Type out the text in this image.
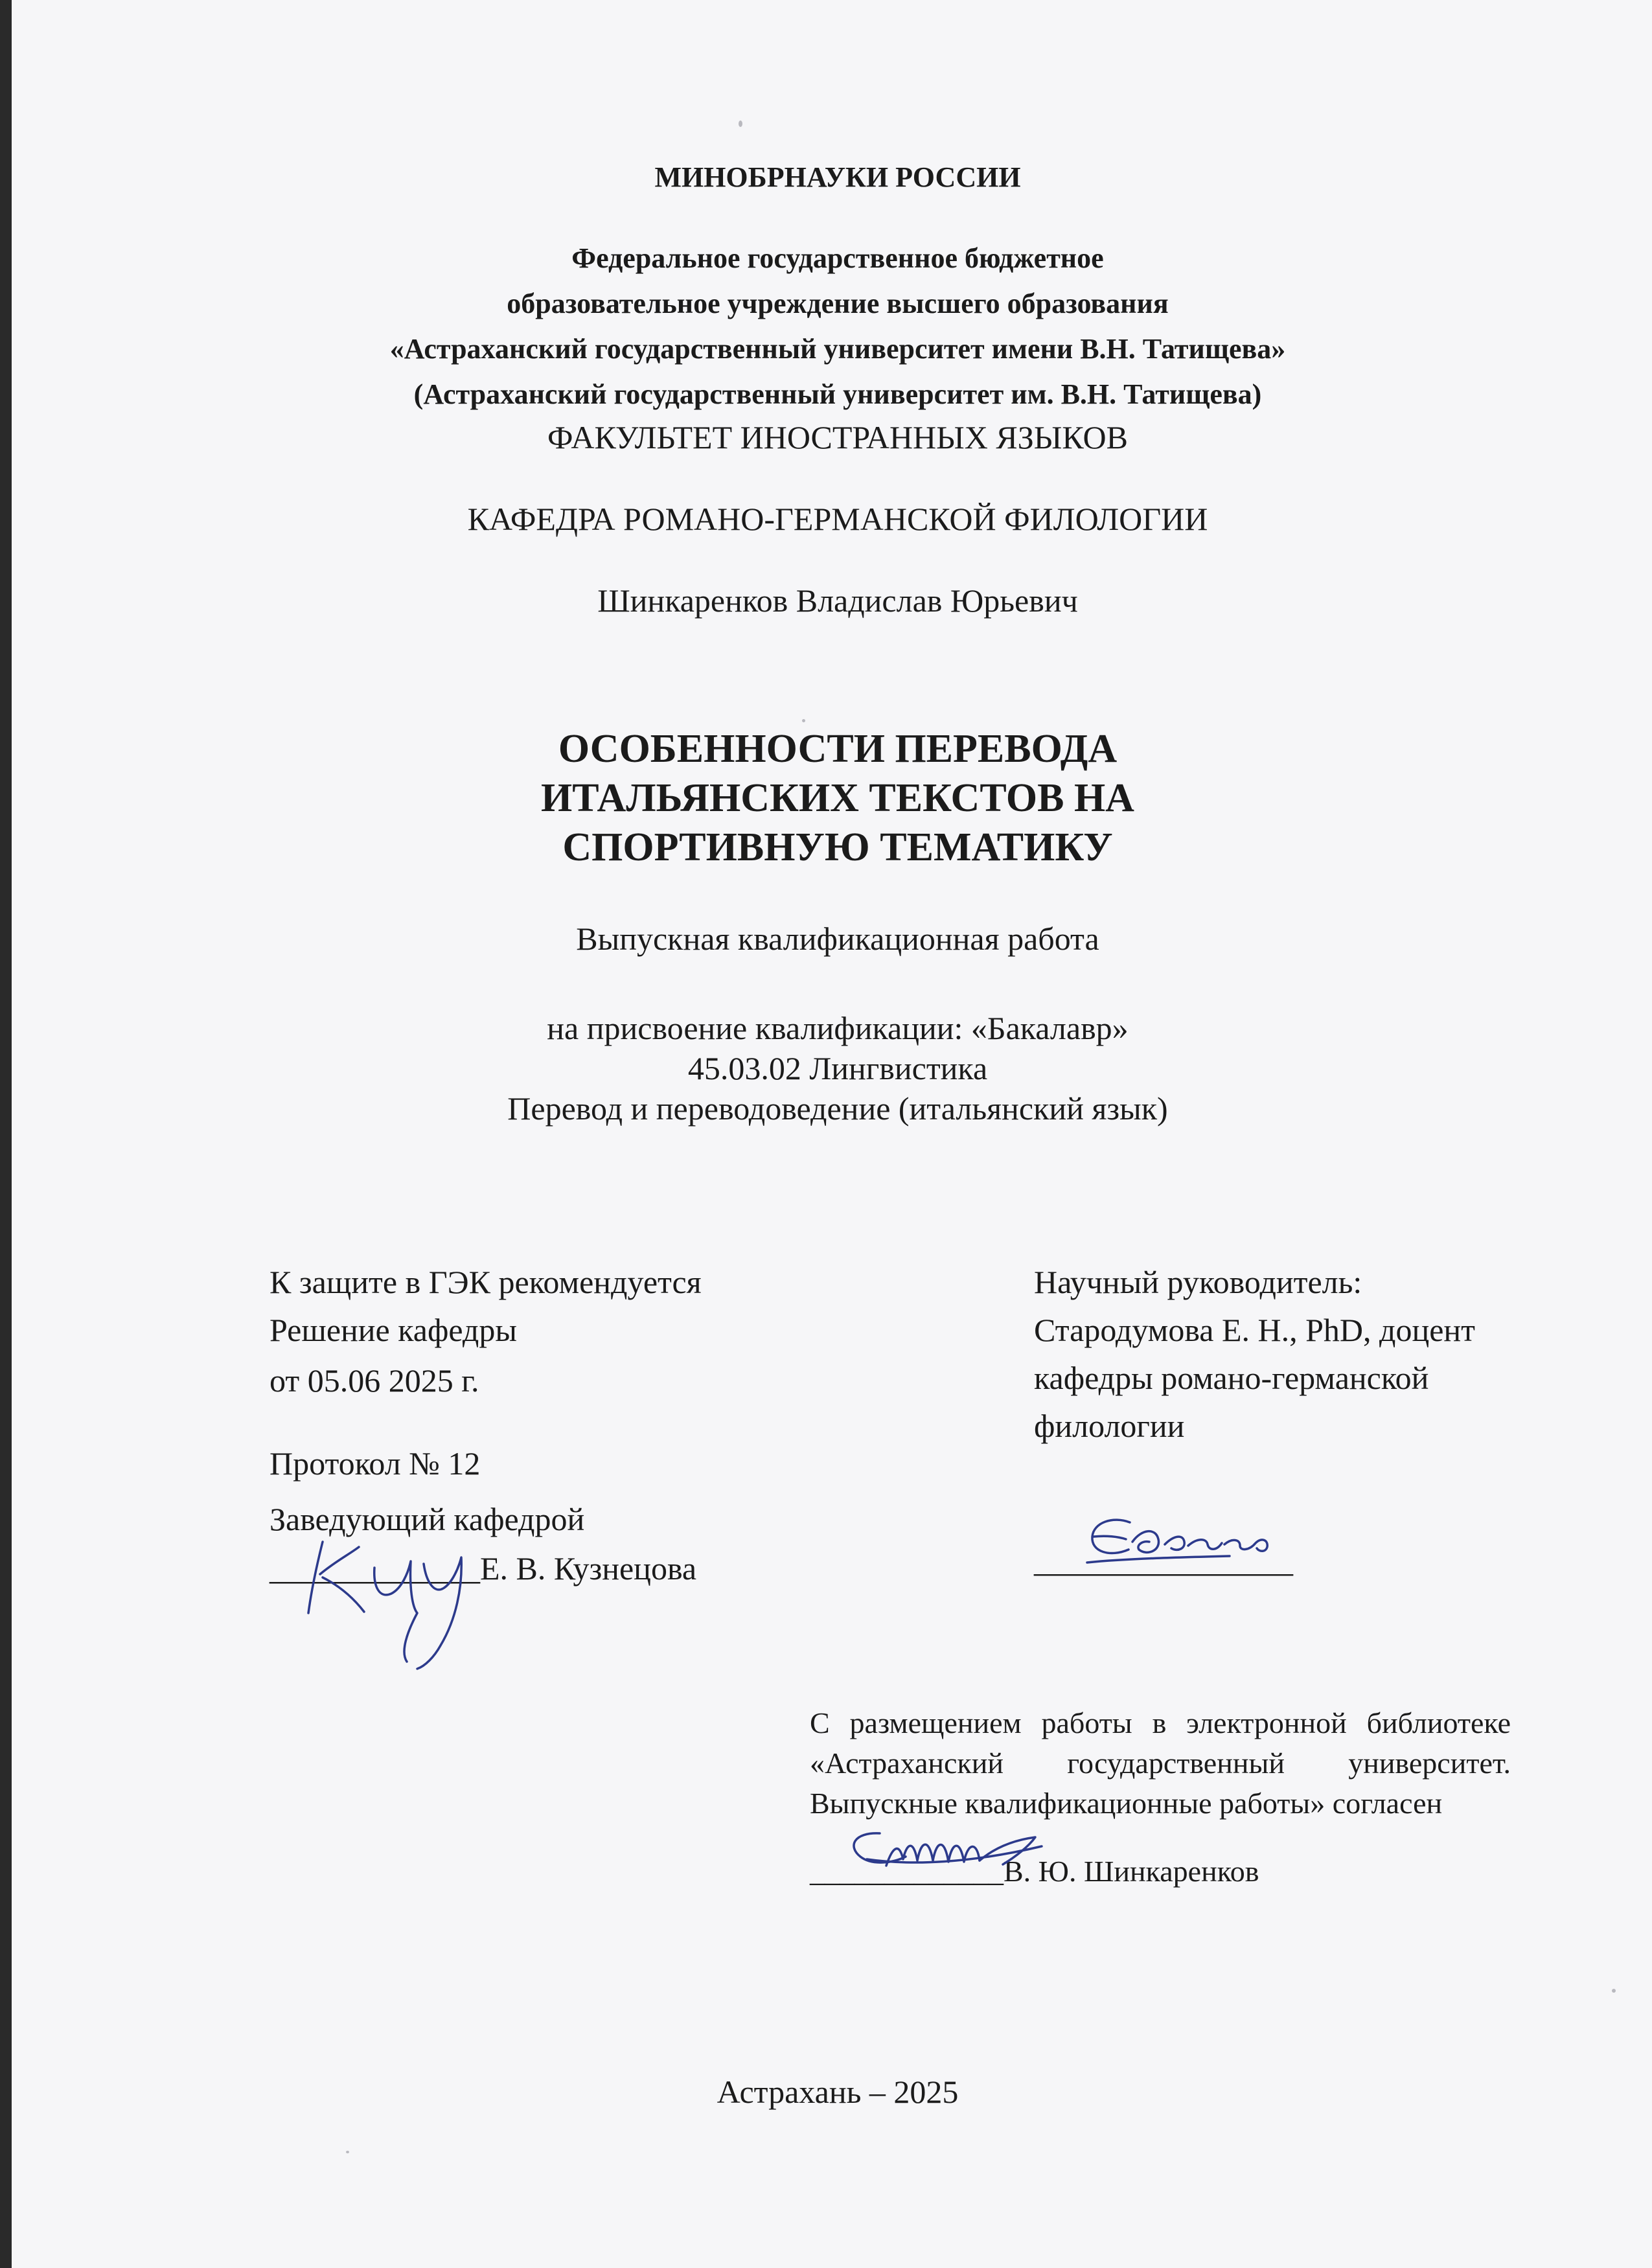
МИНОБРНАУКИ РОССИИ
Федеральное государственное бюджетное
образовательное учреждение высшего образования
«Астраханский государственный университет имени В.Н. Татищева»
(Астраханский государственный университет им. В.Н. Татищева)
ФАКУЛЬТЕТ ИНОСТРАННЫХ ЯЗЫКОВ
КАФЕДРА РОМАНО-ГЕРМАНСКОЙ ФИЛОЛОГИИ
Шинкаренков Владислав Юрьевич
ОСОБЕННОСТИ ПЕРЕВОДА
ИТАЛЬЯНСКИХ ТЕКСТОВ НА
СПОРТИВНУЮ ТЕМАТИКУ
Выпускная квалификационная работа
на присвоение квалификации: «Бакалавр»
45.03.02 Лингвистика
Перевод и переводоведение (итальянский язык)
К защите в ГЭК рекомендуется
Решение кафедры
от 05.06 2025 г.
Протокол № 12
Заведующий кафедрой
_____________Е. В. Кузнецова
Научный руководитель:
Стародумова Е. Н., PhD, доцент
кафедры романо-германской
филологии
________________
С размещением работы в электронной библиотеке
«Астраханский государственный университет.
Выпускные квалификационные работы» согласен
_____________В. Ю. Шинкаренков
Астрахань – 2025
